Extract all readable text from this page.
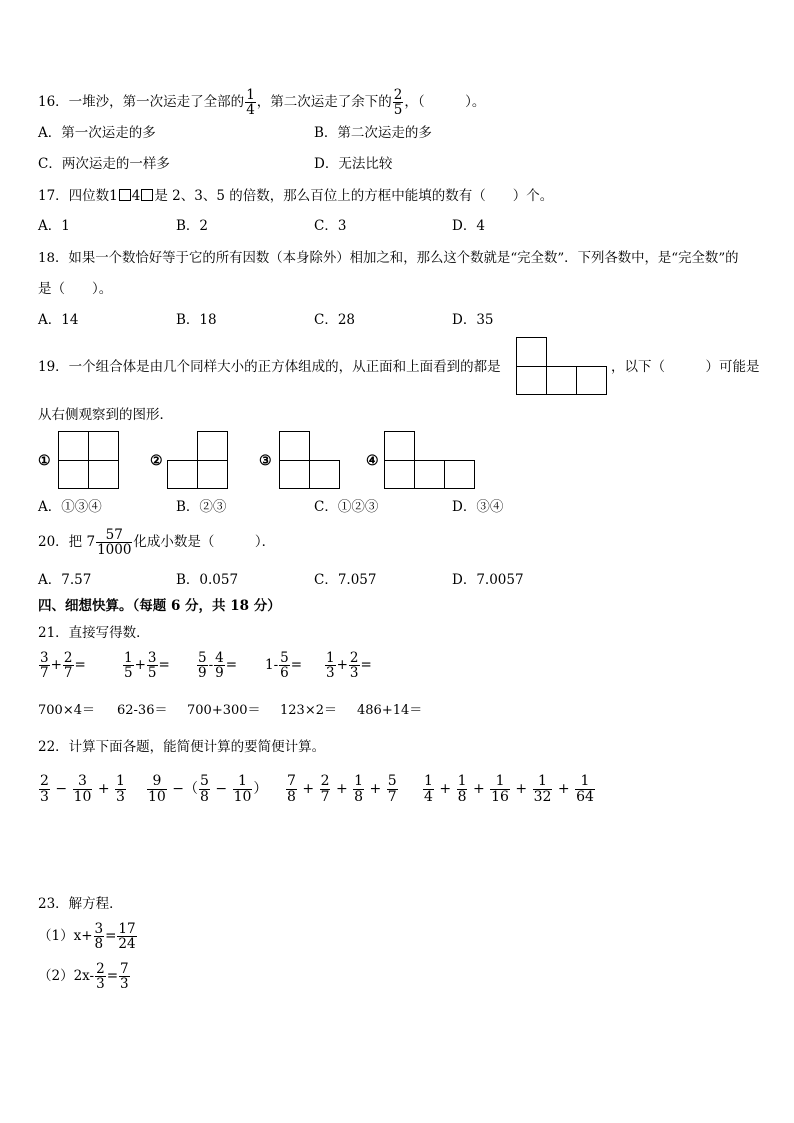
16．一堆沙，第一次运走了全部的 $\frac{1}{4}$ ，第二次运走了余下的 $\frac{2}{5}$ ，（　　　）。
A．第一次运走的多	B．第二次运走的多
C．两次运走的一样多	D．无法比较
17．四位数1 4 是 2、3、5 的倍数，那么百位上的方框中能填的数有（　　）个。
A．1	B．2	C．3	D．4
18．如果一个数恰好等于它的所有因数（本身除外）相加之和，那么这个数就是“完全数”．下列各数中，是“完全数”的
是（　　）。
A．14	B．18	C．28	D．35
19．一个组合体是由几个同样大小的正方体组成的，从正面和上面看到的都是	，以下（　　　）可能是
从右侧观察到的图形．
①	②	③	④
A．①③④	B．②③	C．①②③	D．③④
20．把 $7 \frac{57}{1000}$ 化成小数是（　　　）．
A．7.57	B．0.057	C．7.057	D．7.0057
四、细想快算。（每题 6 分，共 18 分）
21．直接写得数．
$\frac{3}{7} + \frac{2}{7}$ =	$\frac{1}{5} + \frac{3}{5} = \frac{5}{9} - \frac{4}{9} = 1- \frac{5}{6} = \frac{1}{3} + \frac{2}{3}$ =
700×4＝ 62-36＝ 700+300＝ 123×2＝ 486+14＝
22．计算下面各题，能简便计算的要简便计算。
$\frac{2}{3} - \frac{3}{10} + \frac{1}{3} \frac{9}{10}$ −（ $\frac{5}{8} - \frac{1}{10}$ ） $\frac{7}{8} + \frac{2}{7} + \frac{1}{8} + \frac{5}{7} \frac{1}{4} + \frac{1}{8} + \frac{1}{16} + \frac{1}{32} + \frac{1}{64}$
23．解方程．
$(1)x+ \frac{3}{8} = \frac{17}{24}$
$(2)2x- \frac{2}{3} = \frac{7}{3}$
